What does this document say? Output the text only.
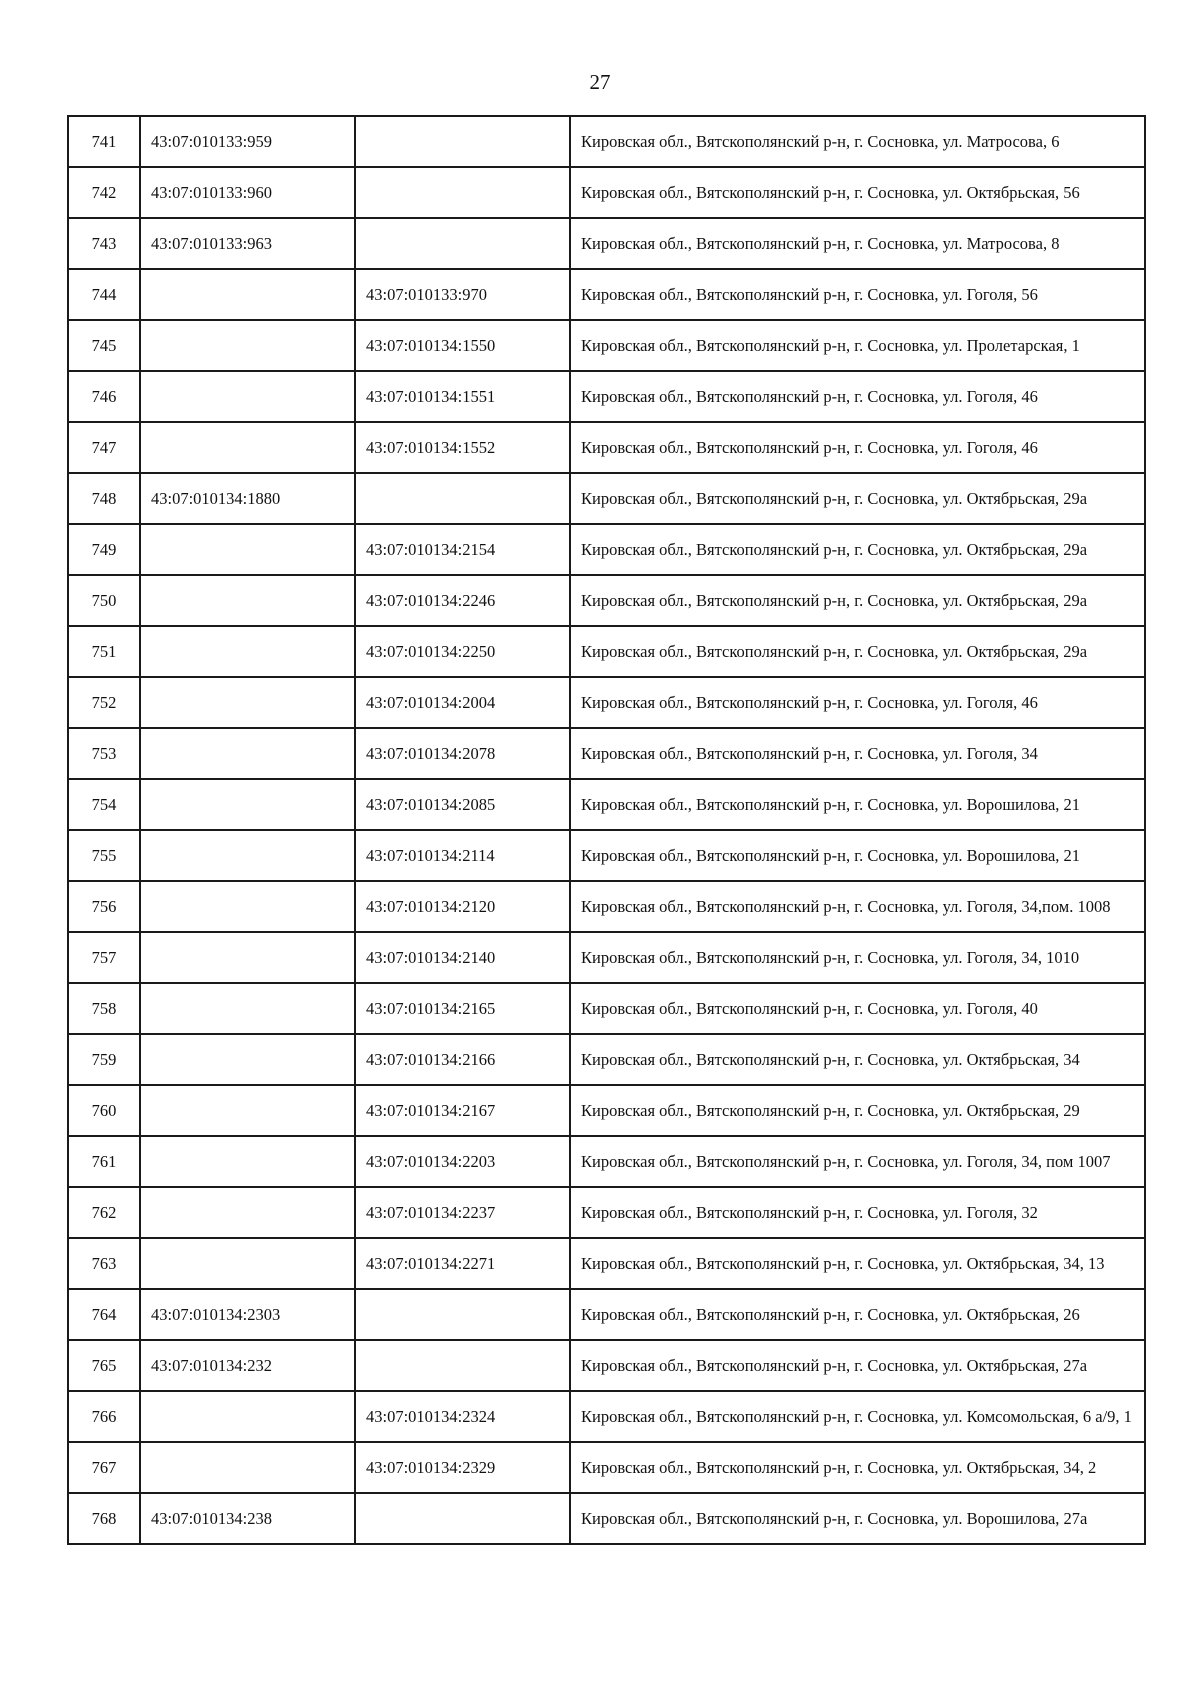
27
741	43:07:010133:959		Кировская обл., Вятскополянский р-н, г. Сосновка, ул. Матросова, 6
742	43:07:010133:960		Кировская обл., Вятскополянский р-н, г. Сосновка, ул. Октябрьская, 56
743	43:07:010133:963		Кировская обл., Вятскополянский р-н, г. Сосновка, ул. Матросова, 8
744		43:07:010133:970	Кировская обл., Вятскополянский р-н, г. Сосновка, ул. Гоголя, 56
745		43:07:010134:1550	Кировская обл., Вятскополянский р-н, г. Сосновка, ул. Пролетарская, 1
746		43:07:010134:1551	Кировская обл., Вятскополянский р-н, г. Сосновка, ул. Гоголя, 46
747		43:07:010134:1552	Кировская обл., Вятскополянский р-н, г. Сосновка, ул. Гоголя, 46
748	43:07:010134:1880		Кировская обл., Вятскополянский р-н, г. Сосновка, ул. Октябрьская, 29а
749		43:07:010134:2154	Кировская обл., Вятскополянский р-н, г. Сосновка, ул. Октябрьская, 29а
750		43:07:010134:2246	Кировская обл., Вятскополянский р-н, г. Сосновка, ул. Октябрьская, 29а
751		43:07:010134:2250	Кировская обл., Вятскополянский р-н, г. Сосновка, ул. Октябрьская, 29а
752		43:07:010134:2004	Кировская обл., Вятскополянский р-н, г. Сосновка, ул. Гоголя, 46
753		43:07:010134:2078	Кировская обл., Вятскополянский р-н, г. Сосновка, ул. Гоголя, 34
754		43:07:010134:2085	Кировская обл., Вятскополянский р-н, г. Сосновка, ул. Ворошилова, 21
755		43:07:010134:2114	Кировская обл., Вятскополянский р-н, г. Сосновка, ул. Ворошилова, 21
756		43:07:010134:2120	Кировская обл., Вятскополянский р-н, г. Сосновка, ул. Гоголя, 34,пом. 1008
757		43:07:010134:2140	Кировская обл., Вятскополянский р-н, г. Сосновка, ул. Гоголя, 34, 1010
758		43:07:010134:2165	Кировская обл., Вятскополянский р-н, г. Сосновка, ул. Гоголя, 40
759		43:07:010134:2166	Кировская обл., Вятскополянский р-н, г. Сосновка, ул. Октябрьская, 34
760		43:07:010134:2167	Кировская обл., Вятскополянский р-н, г. Сосновка, ул. Октябрьская, 29
761		43:07:010134:2203	Кировская обл., Вятскополянский р-н, г. Сосновка, ул. Гоголя, 34, пом 1007
762		43:07:010134:2237	Кировская обл., Вятскополянский р-н, г. Сосновка, ул. Гоголя, 32
763		43:07:010134:2271	Кировская обл., Вятскополянский р-н, г. Сосновка, ул. Октябрьская, 34, 13
764	43:07:010134:2303		Кировская обл., Вятскополянский р-н, г. Сосновка, ул. Октябрьская, 26
765	43:07:010134:232		Кировская обл., Вятскополянский р-н, г. Сосновка, ул. Октябрьская, 27а
766		43:07:010134:2324	Кировская обл., Вятскополянский р-н, г. Сосновка, ул. Комсомольская, 6 а/9, 1
767		43:07:010134:2329	Кировская обл., Вятскополянский р-н, г. Сосновка, ул. Октябрьская, 34, 2
768	43:07:010134:238		Кировская обл., Вятскополянский р-н, г. Сосновка, ул. Ворошилова, 27а
